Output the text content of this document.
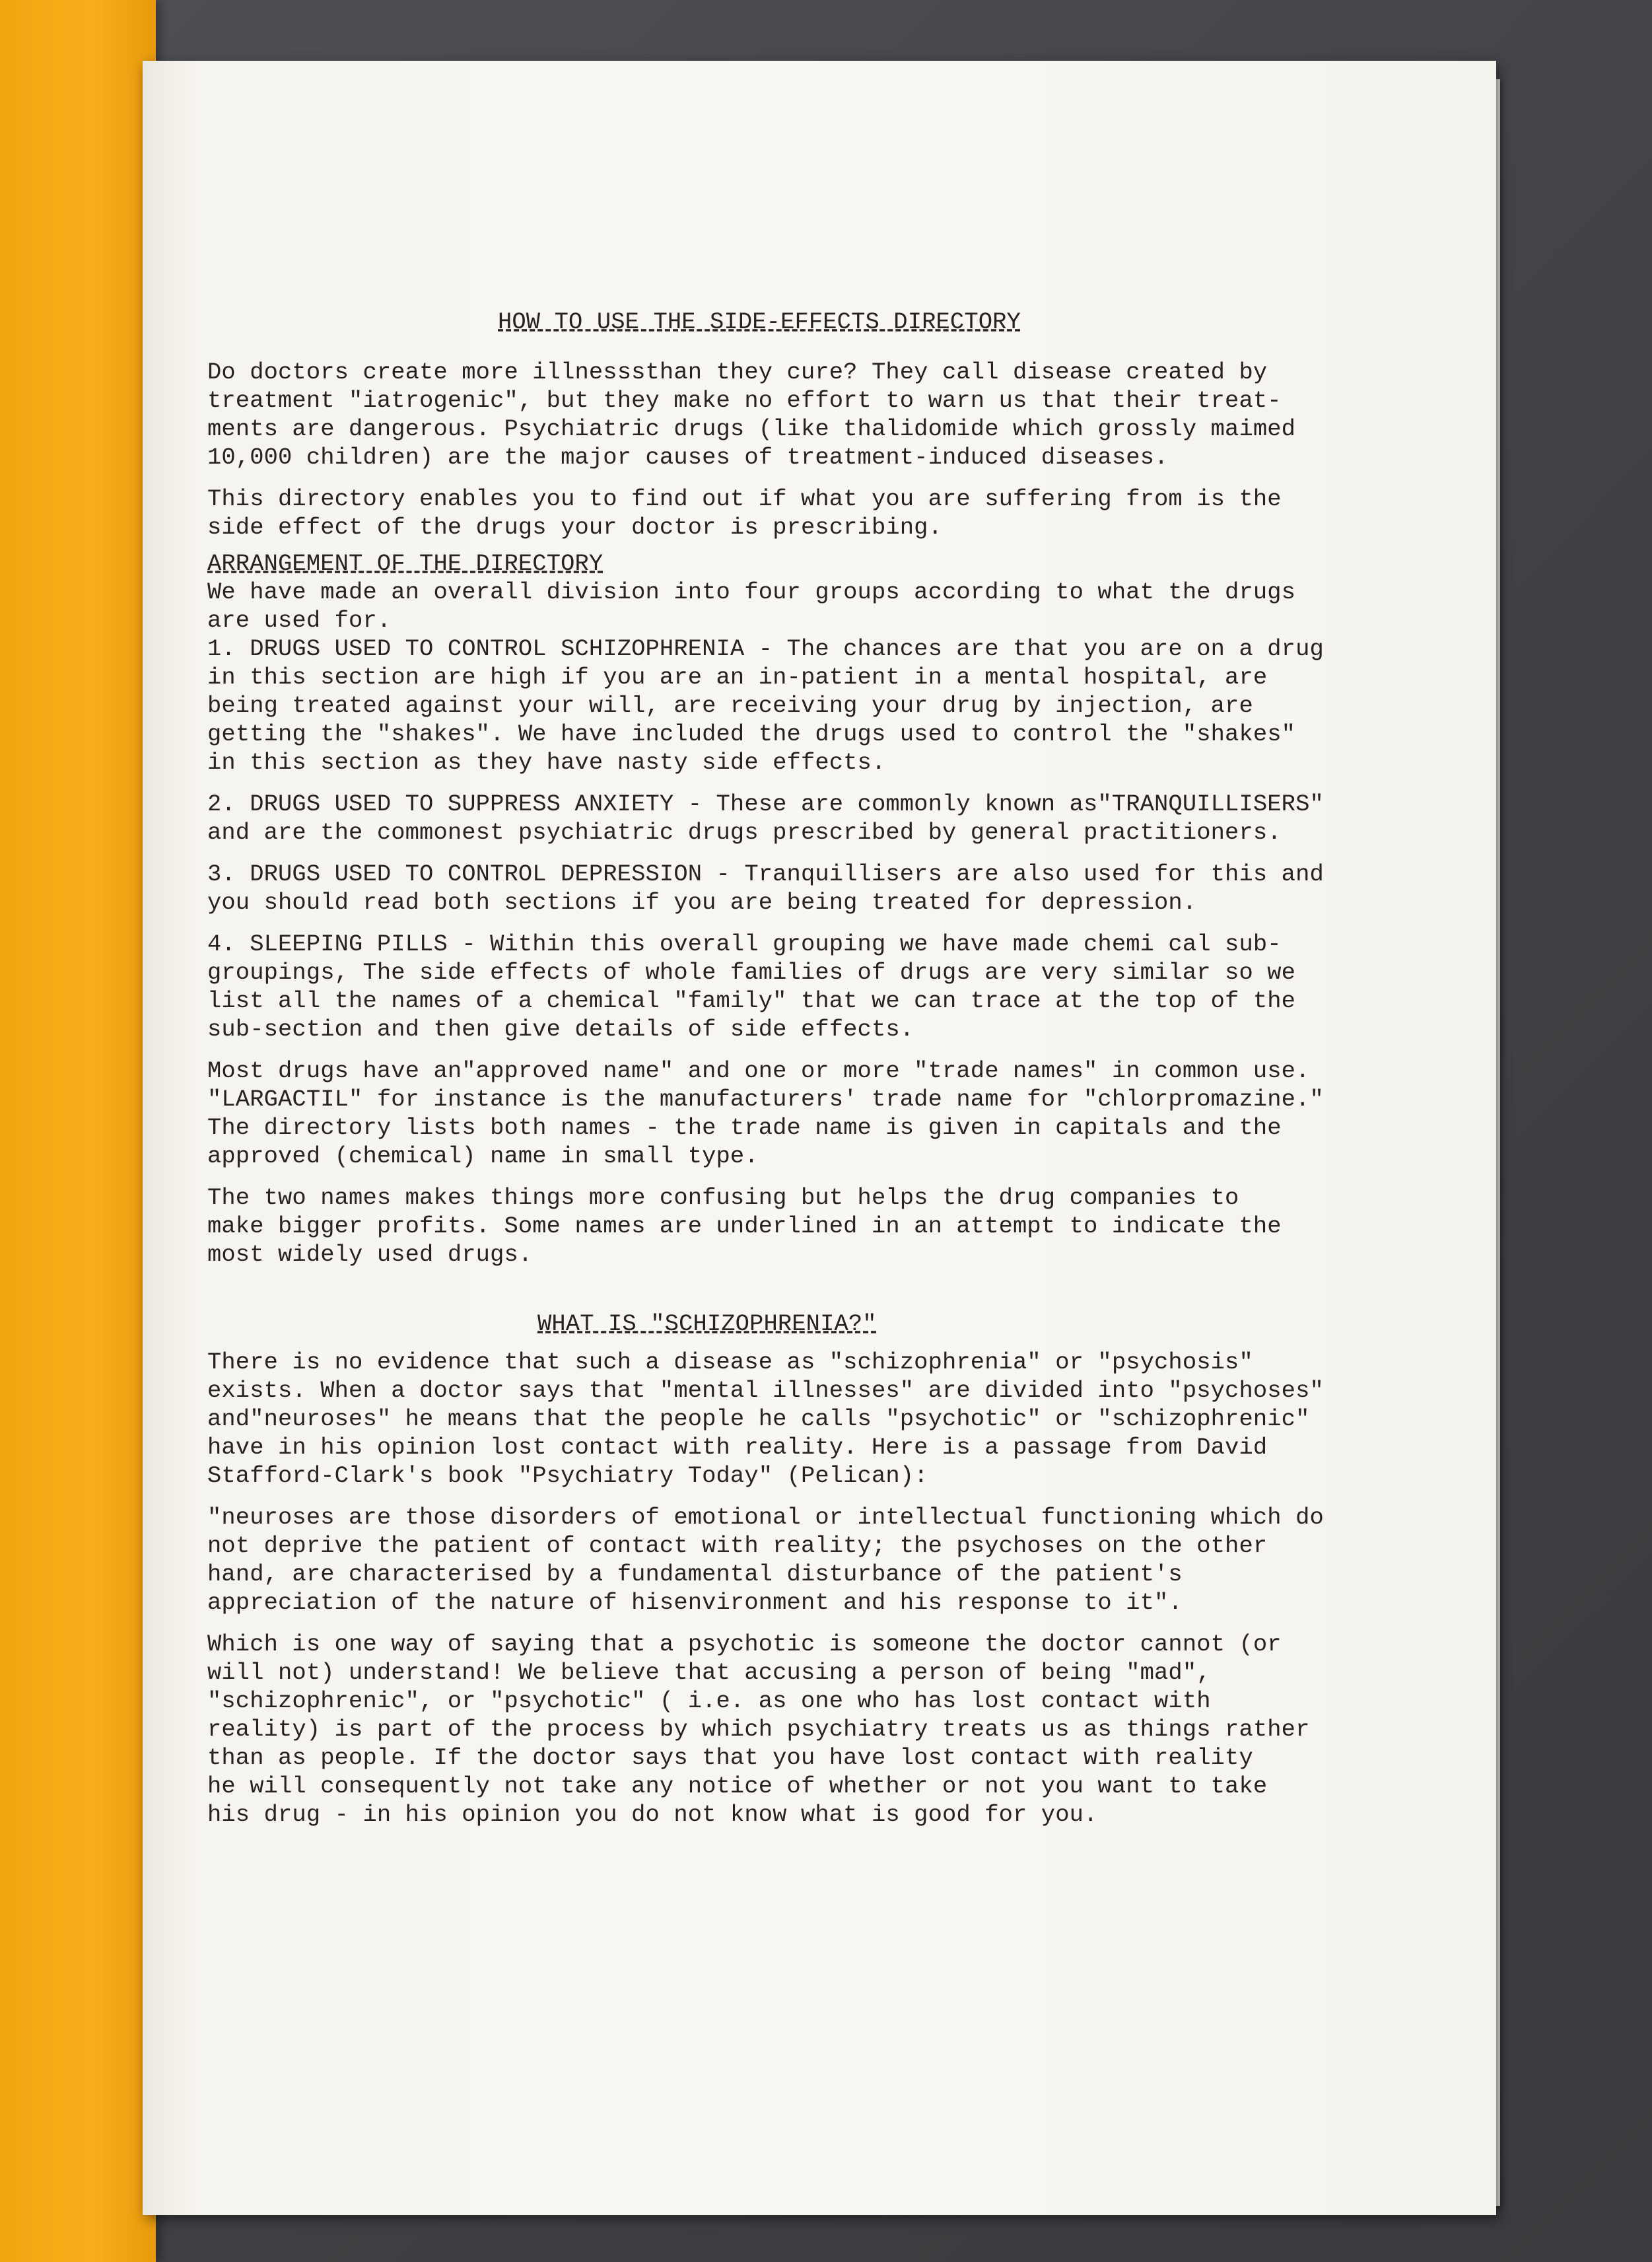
HOW TO USE THE SIDE-EFFECTS DIRECTORY
Do doctors create more illnesssthan they cure? They call disease created by
treatment "iatrogenic", but they make no effort to warn us that their treat-
ments are dangerous. Psychiatric drugs (like thalidomide which grossly maimed
10,000 children) are the major causes of treatment-induced diseases.
This directory enables you to find out if what you are suffering from is the
side effect of the drugs your doctor is prescribing.
ARRANGEMENT OF THE DIRECTORY
We have made an overall division into four groups according to what the drugs
are used for.
1. DRUGS USED TO CONTROL SCHIZOPHRENIA - The chances are that you are on a drug
in this section are high if you are an in-patient in a mental hospital, are
being treated against your will, are receiving your drug by injection, are
getting the "shakes". We have included the drugs used to control the "shakes"
in this section as they have nasty side effects.
2. DRUGS USED TO SUPPRESS ANXIETY - These are commonly known as"TRANQUILLISERS"
and are the commonest psychiatric drugs prescribed by general practitioners.
3. DRUGS USED TO CONTROL DEPRESSION - Tranquillisers are also used for this and
you should read both sections if you are being treated for depression.
4. SLEEPING PILLS - Within this overall grouping we have made chemi cal sub-
groupings, The side effects of whole families of drugs are very similar so we
list all the names of a chemical "family" that we can trace at the top of the
sub-section and then give details of side effects.
Most drugs have an"approved name" and one or more "trade names" in common use.
"LARGACTIL" for instance is the manufacturers' trade name for "chlorpromazine."
The directory lists both names - the trade name is given in capitals and the
approved (chemical) name in small type.
The two names makes things more confusing but helps the drug companies to
make bigger profits. Some names are underlined in an attempt to indicate the
most widely used drugs.
WHAT IS "SCHIZOPHRENIA?"
There is no evidence that such a disease as "schizophrenia" or "psychosis"
exists. When a doctor says that "mental illnesses" are divided into "psychoses"
and"neuroses" he means that the people he calls "psychotic" or "schizophrenic"
have in his opinion lost contact with reality. Here is a passage from David
Stafford-Clark's book "Psychiatry Today" (Pelican):
"neuroses are those disorders of emotional or intellectual functioning which do
not deprive the patient of contact with reality; the psychoses on the other
hand, are characterised by a fundamental disturbance of the patient's
appreciation of the nature of hisenvironment and his response to it".
Which is one way of saying that a psychotic is someone the doctor cannot (or
will not) understand! We believe that accusing a person of being "mad",
"schizophrenic", or "psychotic" ( i.e. as one who has lost contact with
reality) is part of the process by which psychiatry treats us as things rather
than as people. If the doctor says that you have lost contact with reality
he will consequently not take any notice of whether or not you want to take
his drug - in his opinion you do not know what is good for you.
